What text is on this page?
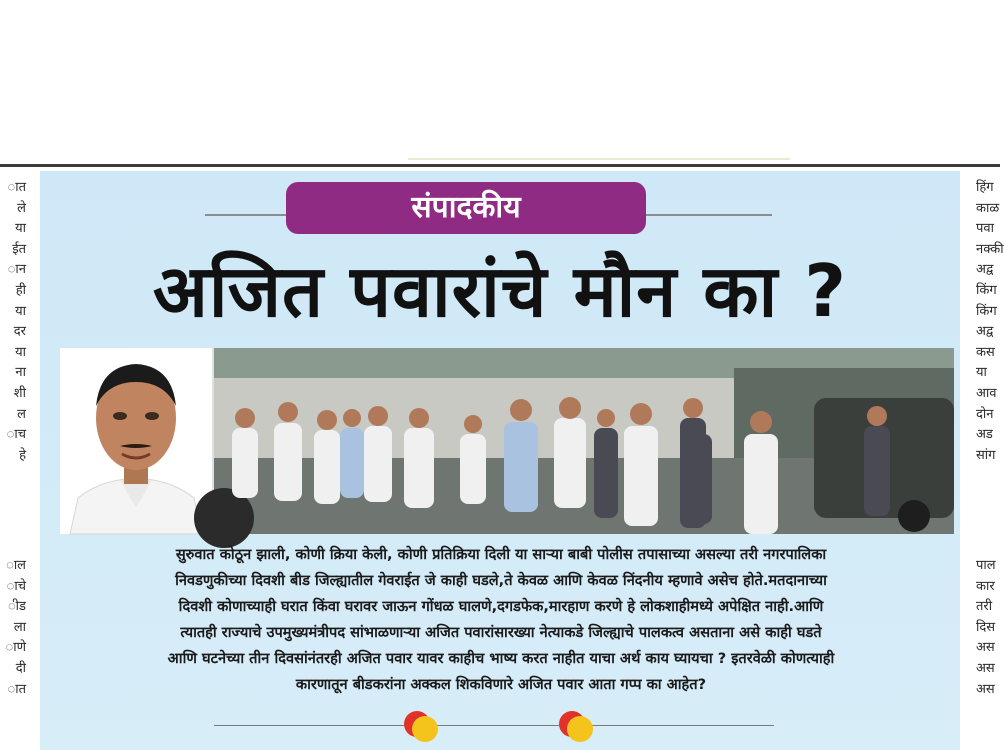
ात
ले
या
ईत
ान
ही
या
दर
या
ना
शी
ल
ाच
हे
ाल
ाचे
ीड
ला
ाणे
दी
ात
हिंग
काळ
पवा
नक्की
अद्व
किंग
किंग
अद्व
कस
या
आव
दोन
अड
सांग
पाल
कार
तरी
दिस
अस
अस
अस
संपादकीय
अजित पवारांचे मौन का ?
सुरुवात कोठून झाली, कोणी क्रिया केली, कोणी प्रतिक्रिया दिली या साऱ्या बाबी पोलीस तपासाच्या असल्या तरी नगरपालिका
निवडणुकीच्या दिवशी बीड जिल्ह्यातील गेवराईत जे काही घडले,ते केवळ आणि केवळ निंदनीय म्हणावे असेच होते.मतदानाच्या
दिवशी कोणाच्याही घरात किंवा घरावर जाऊन गोंधळ घालणे,दगडफेक,मारहाण करणे हे लोकशाहीमध्ये अपेक्षित नाही.आणि
त्यातही राज्याचे उपमुख्यमंत्रीपद सांभाळणाऱ्या अजित पवारांसारख्या नेत्याकडे जिल्ह्याचे पालकत्व असताना असे काही घडते
आणि घटनेच्या तीन दिवसांनंतरही अजित पवार यावर काहीच भाष्य करत नाहीत याचा अर्थ काय घ्यायचा ? इतरवेळी कोणत्याही
कारणातून बीडकरांना अक्कल शिकविणारे अजित पवार आता गप्प का आहेत?
